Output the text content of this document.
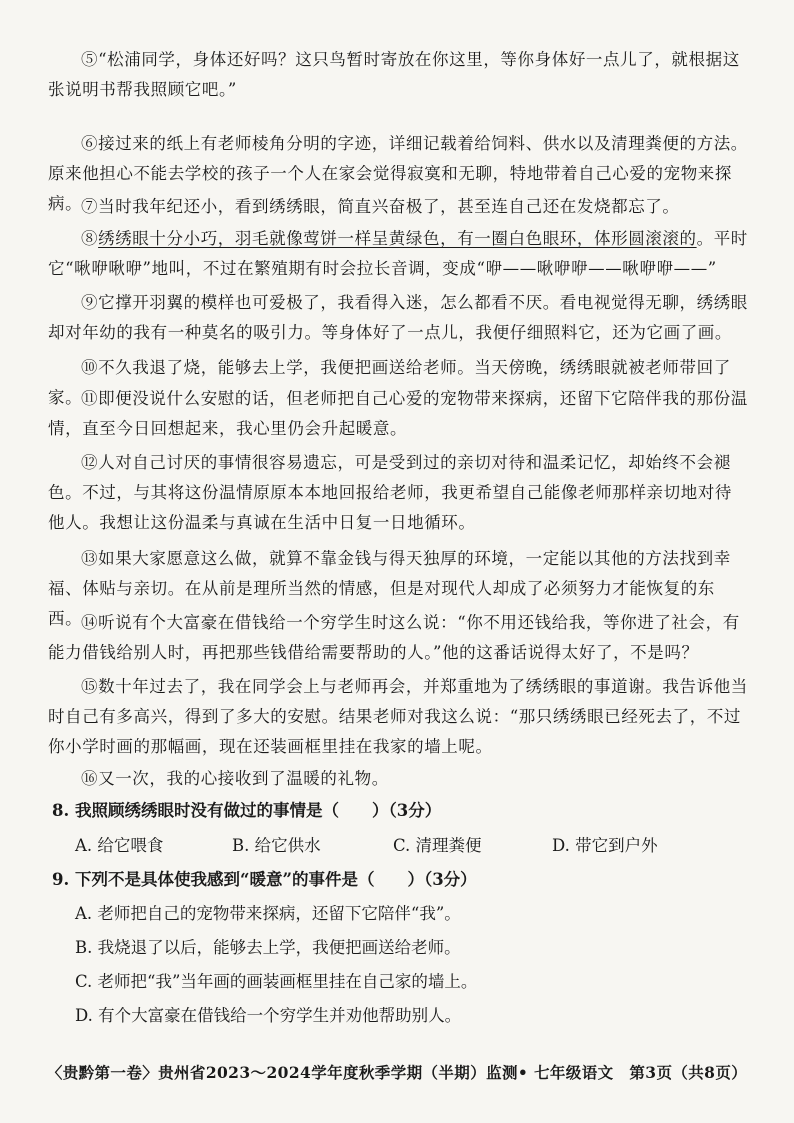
⑤“松浦同学，身体还好吗？这只鸟暂时寄放在你这里，等你身体好一点儿了，就根据这张说明书帮我照顾它吧。”

⑥接过来的纸上有老师棱角分明的字迹，详细记载着给饲料、供水以及清理粪便的方法。原来他担心不能去学校的孩子一个人在家会觉得寂寞和无聊，特地带着自己心爱的宠物来探病。

⑦当时我年纪还小，看到绣绣眼，简直兴奋极了，甚至连自己还在发烧都忘了。

⑧绣绣眼十分小巧，羽毛就像莺饼一样呈黄绿色，有一圈白色眼环，体形圆滚滚的。平时它“啾咿啾咿”地叫，不过在繁殖期有时会拉长音调，变成“咿——啾咿咿——啾咿咿——”

⑨它撑开羽翼的模样也可爱极了，我看得入迷，怎么都看不厌。看电视觉得无聊，绣绣眼却对年幼的我有一种莫名的吸引力。等身体好了一点儿，我便仔细照料它，还为它画了画。

⑩不久我退了烧，能够去上学，我便把画送给老师。当天傍晚，绣绣眼就被老师带回了家。

⑪即便没说什么安慰的话，但老师把自己心爱的宠物带来探病，还留下它陪伴我的那份温情，直至今日回想起来，我心里仍会升起暖意。

⑫人对自己讨厌的事情很容易遗忘，可是受到过的亲切对待和温柔记忆，却始终不会褪色。不过，与其将这份温情原原本本地回报给老师，我更希望自己能像老师那样亲切地对待他人。我想让这份温柔与真诚在生活中日复一日地循环。

⑬如果大家愿意这么做，就算不靠金钱与得天独厚的环境，一定能以其他的方法找到幸福、体贴与亲切。在从前是理所当然的情感，但是对现代人却成了必须努力才能恢复的东西。

⑭听说有个大富豪在借钱给一个穷学生时这么说：“你不用还钱给我，等你进了社会，有能力借钱给别人时，再把那些钱借给需要帮助的人。”他的这番话说得太好了，不是吗？

⑮数十年过去了，我在同学会上与老师再会，并郑重地为了绣绣眼的事道谢。我告诉他当时自己有多高兴，得到了多大的安慰。结果老师对我这么说：“那只绣绣眼已经死去了，不过你小学时画的那幅画，现在还装画框里挂在我家的墙上呢。

⑯又一次，我的心接收到了温暖的礼物。

8. 我照顾绣绣眼时没有做过的事情是（　　）（3分）

A. 给它喂食	B. 给它供水	C. 清理粪便	D. 带它到户外

9. 下列不是具体使我感到“暖意”的事件是（　　）（3分）

A. 老师把自己的宠物带来探病，还留下它陪伴“我”。

B. 我烧退了以后，能够去上学，我便把画送给老师。

C. 老师把“我”当年画的画装画框里挂在自己家的墙上。

D. 有个大富豪在借钱给一个穷学生并劝他帮助别人。

〈贵黔第一卷〉贵州省2023～2024学年度秋季学期（半期）监测• 七年级语文　第3页（共8页）
